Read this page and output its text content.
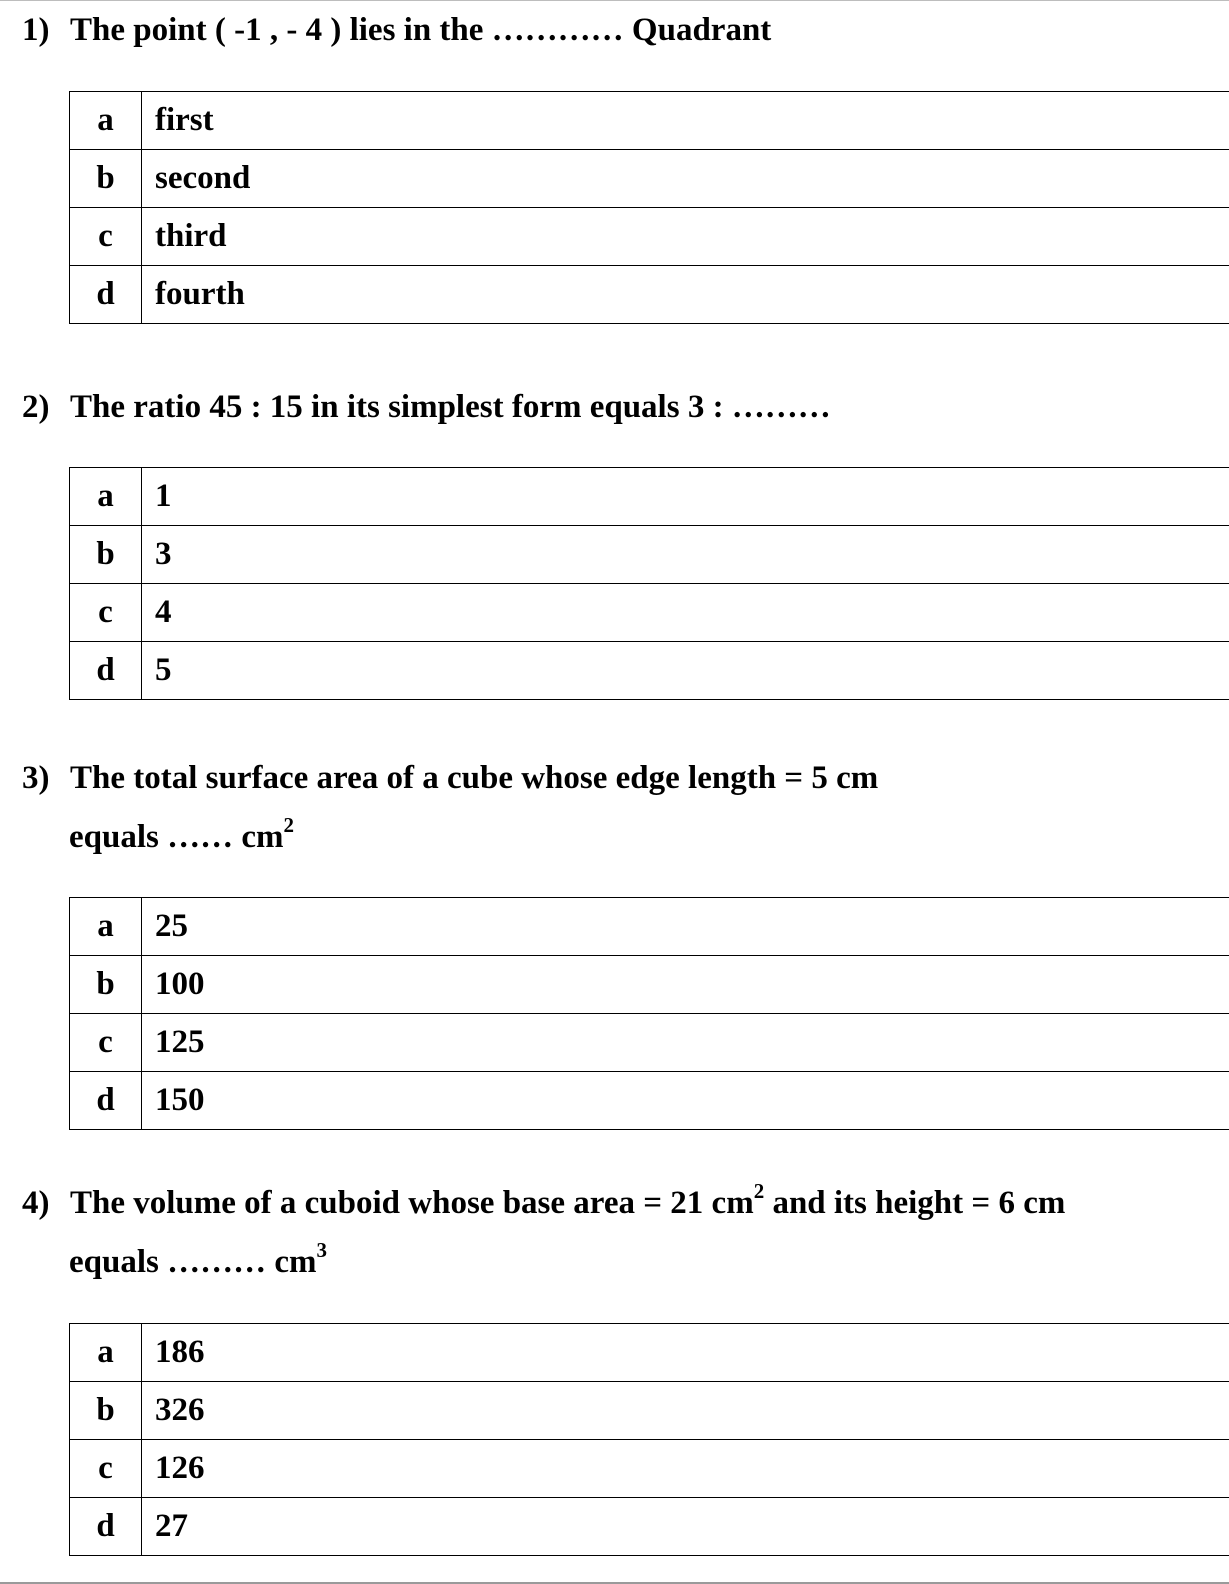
1) The point ( -1 , - 4 ) lies in the ………… Quadrant
a	first
b	second
c	third
d	fourth
2) The ratio 45 : 15 in its simplest form equals 3 : ………
a	1
b	3
c	4
d	5
3) The total surface area of a cube whose edge length = 5 cm
equals …… $cm^2$
a	25
b	100
c	125
d	150
4) The volume of a cuboid whose base area = 21 $cm^2$ and its height = 6 cm
equals ……… $cm^3$
a	186
b	326
c	126
d	27
